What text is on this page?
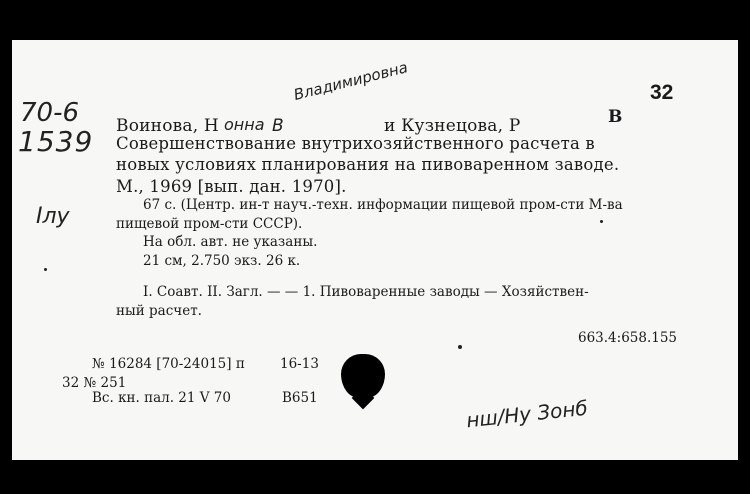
70-6
1539
Ілу
Владимировна
нш/Ну Зонб
32
Воинова, Н онна В	и Кузнецова, Р	В
Совершенствование внутрихозяйственного расчета в
новых условиях планирования на пивоваренном заводе.
М., 1969 [вып. дан. 1970].
67 с. (Центр. ин-т науч.-техн. информации пищевой пром-сти М-ва
пищевой пром-сти СССР).
На обл. авт. не указаны.
21 см, 2.750 экз. 26 к.
I. Соавт. II. Загл. — — 1. Пивоваренные заводы — Хозяйствен-
ный расчет.
663.4:658.155
№ 16284 [70-24015] п	16-13
32 № 251
Вс. кн. пал. 21 V 70	B651
